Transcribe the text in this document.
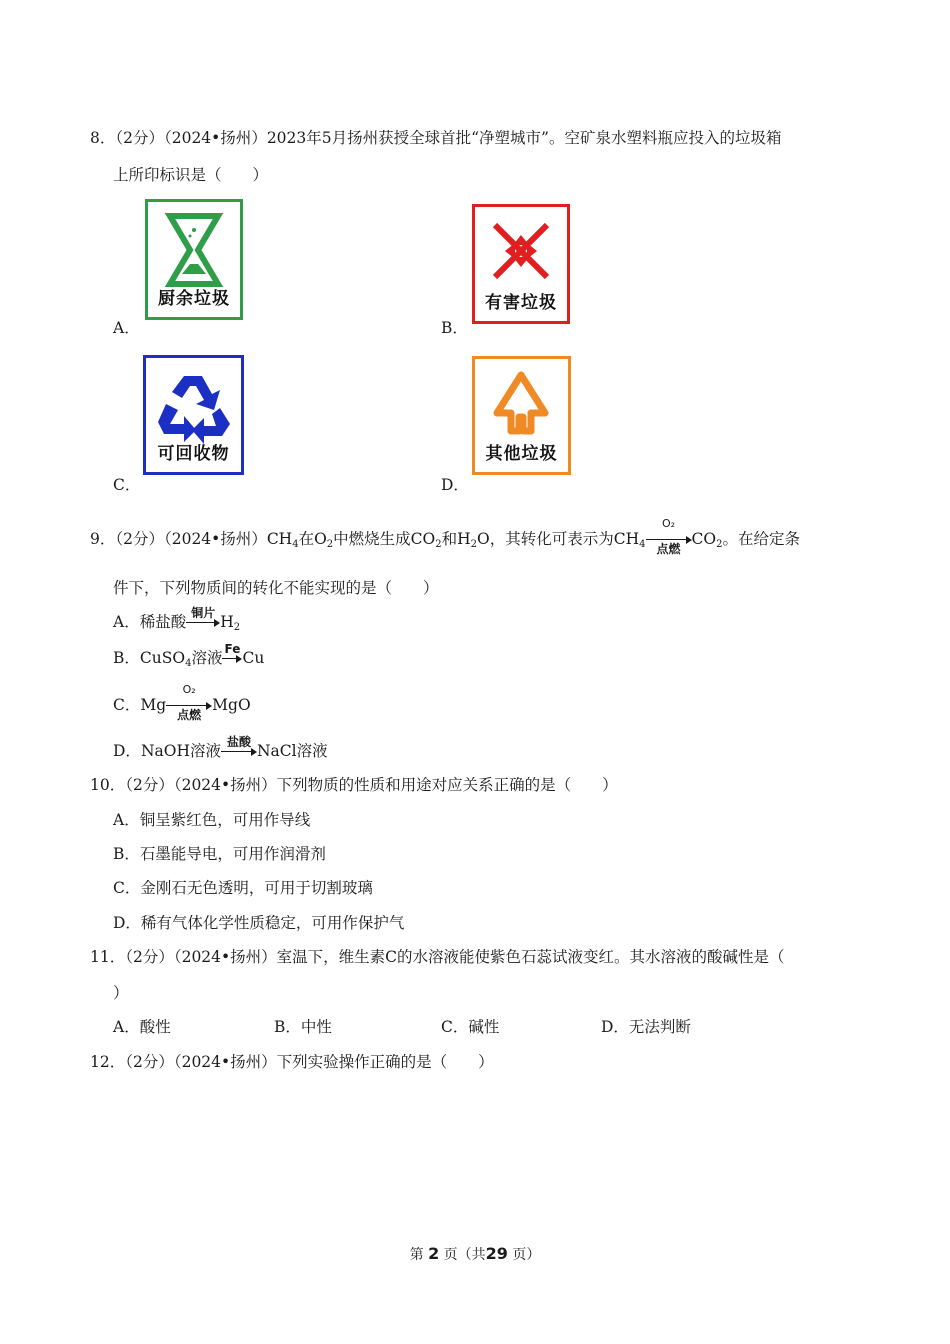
8．（2分）（2024•扬州）2023年5月扬州获授全球首批“净塑城市”。空矿泉水塑料瓶应投入的垃圾箱
上所印标识是（　　）
厨余垃圾
A．
有害垃圾
B．
可回收物
C．
其他垃圾
D．
9．（2分）（2024•扬州）$CH_4$在$O_2$中燃烧生成$CO_2$和$H_2O$，其转化可表示为$CH_4$
O₂
点燃
$CO_2$。在给定条
件下，下列物质间的转化不能实现的是（　　）
A．稀盐酸 铜片 $H_2$
B．CuSO$_4$溶液 Fe Cu
C．Mg
O₂
点燃
MgO
D．NaOH溶液 盐酸 NaCl溶液
10．（2分）（2024•扬州）下列物质的性质和用途对应关系正确的是（　　）
A．铜呈紫红色，可用作导线
B．石墨能导电，可用作润滑剂
C．金刚石无色透明，可用于切割玻璃
D．稀有气体化学性质稳定，可用作保护气
11．（2分）（2024•扬州）室温下，维生素C的水溶液能使紫色石蕊试液变红。其水溶液的酸碱性是（
）
A．酸性	B．中性	C．碱性	D．无法判断
12．（2分）（2024•扬州）下列实验操作正确的是（　　）
第 2 页（共29 页）
